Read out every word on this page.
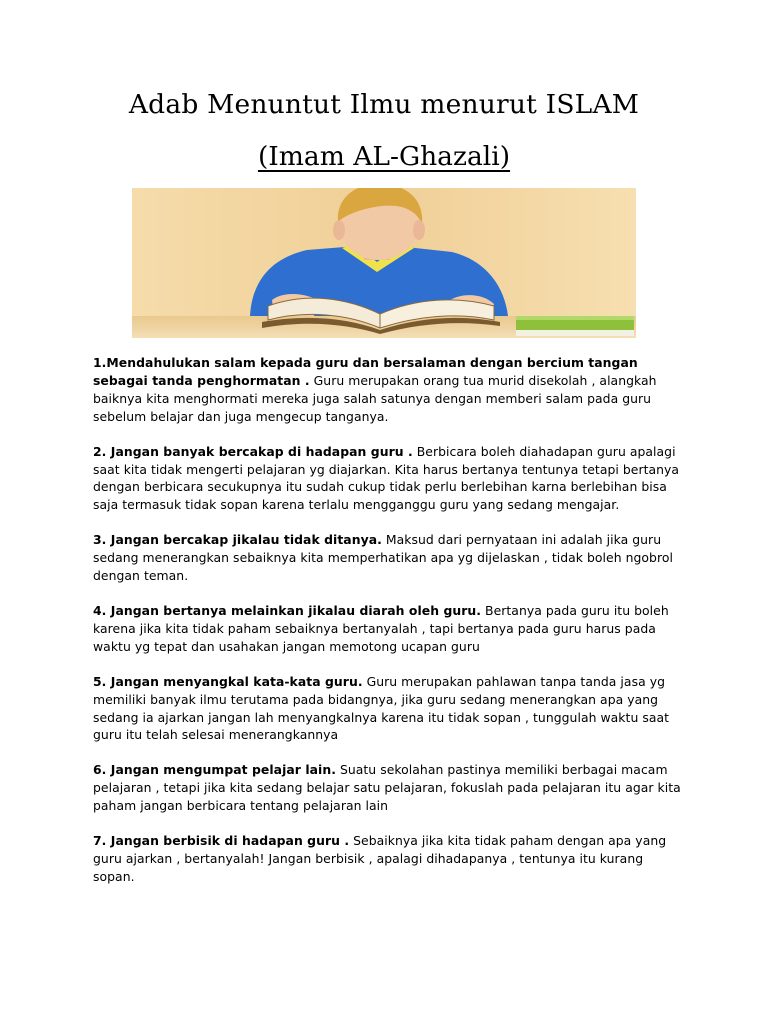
Adab Menuntut Ilmu menurut ISLAM
(Imam AL-Ghazali)

1.Mendahulukan salam kepada guru dan bersalaman dengan bercium tangan sebagai tanda penghormatan . Guru merupakan orang tua murid disekolah , alangkah baiknya kita menghormati mereka juga salah satunya dengan memberi salam pada guru sebelum belajar dan juga mengecup tanganya.

2. Jangan banyak bercakap di hadapan guru . Berbicara boleh diahadapan guru apalagi saat kita tidak mengerti pelajaran yg diajarkan. Kita harus bertanya tentunya tetapi bertanya dengan berbicara secukupnya itu sudah cukup tidak perlu berlebihan karna berlebihan bisa saja termasuk tidak sopan karena terlalu mengganggu guru yang sedang mengajar.

3. Jangan bercakap jikalau tidak ditanya. Maksud dari pernyataan ini adalah jika guru sedang menerangkan sebaiknya kita memperhatikan apa yg dijelaskan , tidak boleh ngobrol dengan teman.

4. Jangan bertanya melainkan jikalau diarah oleh guru. Bertanya pada guru itu boleh karena jika kita tidak paham sebaiknya bertanyalah , tapi bertanya pada guru harus pada waktu yg tepat dan usahakan jangan memotong ucapan guru

5. Jangan menyangkal kata-kata guru. Guru merupakan pahlawan tanpa tanda jasa yg memiliki banyak ilmu terutama pada bidangnya, jika guru sedang menerangkan apa yang sedang ia ajarkan jangan lah menyangkalnya karena itu tidak sopan , tunggulah waktu saat guru itu telah selesai menerangkannya

6. Jangan mengumpat pelajar lain. Suatu sekolahan pastinya memiliki berbagai macam pelajaran , tetapi jika kita sedang belajar satu pelajaran, fokuslah pada pelajaran itu agar kita paham jangan berbicara tentang pelajaran lain

7. Jangan berbisik di hadapan guru . Sebaiknya jika kita tidak paham dengan apa yang guru ajarkan , bertanyalah! Jangan berbisik , apalagi dihadapanya , tentunya itu kurang sopan.
